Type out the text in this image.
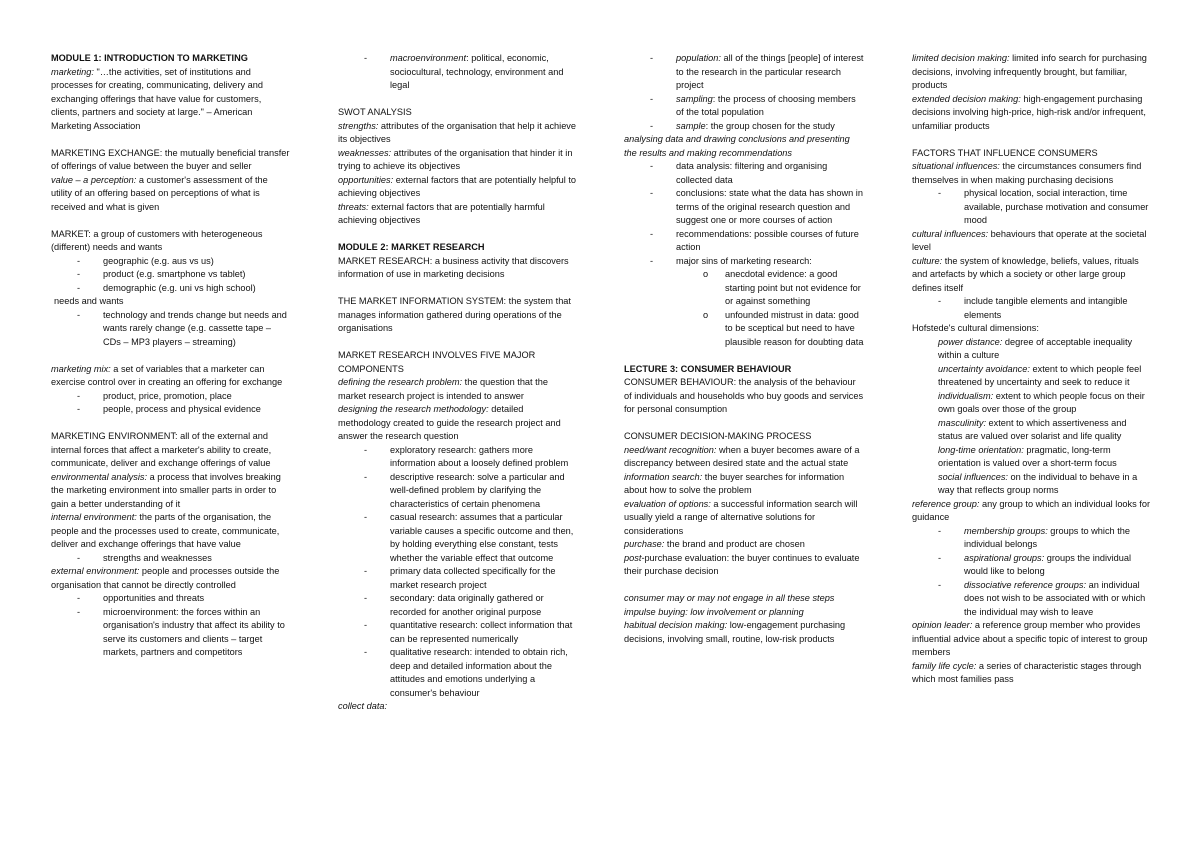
MODULE 1: INTRODUCTION TO MARKETING

marketing: "…the activities, set of institutions and processes for creating, communicating, delivery and exchanging offerings that have value for customers, clients, partners and society at large." – American Marketing Association

MARKETING EXCHANGE: the mutually beneficial transfer of offerings of value between the buyer and seller

value – a perception: a customer's assessment of the utility of an offering based on perceptions of what is received and what is given

MARKET: a group of customers with heterogeneous (different) needs and wants

- geographic (e.g. aus vs us)

- product (e.g. smartphone vs tablet)

- demographic (e.g. uni vs high school)

needs and wants

- technology and trends change but needs and wants rarely change (e.g. cassette tape – CDs – MP3 players – streaming)

marketing mix: a set of variables that a marketer can exercise control over in creating an offering for exchange

- product, price, promotion, place

- people, process and physical evidence

MARKETING ENVIRONMENT: all of the external and internal forces that affect a marketer's ability to create, communicate, deliver and exchange offerings of value

environmental analysis: a process that involves breaking the marketing environment into smaller parts in order to gain a better understanding of it

internal environment: the parts of the organisation, the people and the processes used to create, communicate, deliver and exchange offerings that have value

- strengths and weaknesses

external environment: people and processes outside the organisation that cannot be directly controlled

- opportunities and threats

- microenvironment: the forces within an organisation's industry that affect its ability to serve its customers and clients – target markets, partners and competitors

- macroenvironment: political, economic, sociocultural, technology, environment and legal

SWOT ANALYSIS

strengths: attributes of the organisation that help it achieve its objectives

weaknesses: attributes of the organisation that hinder it in trying to achieve its objectives

opportunities: external factors that are potentially helpful to achieving objectives

threats: external factors that are potentially harmful achieving objectives

MODULE 2: MARKET RESEARCH

MARKET RESEARCH: a business activity that discovers information of use in marketing decisions

THE MARKET INFORMATION SYSTEM: the system that manages information gathered during operations of the organisations

MARKET RESEARCH INVOLVES FIVE MAJOR COMPONENTS

defining the research problem: the question that the market research project is intended to answer

designing the research methodology: detailed methodology created to guide the research project and answer the research question

- exploratory research: gathers more information about a loosely defined problem

- descriptive research: solve a particular and well-defined problem by clarifying the characteristics of certain phenomena

- casual research: assumes that a particular variable causes a specific outcome and then, by holding everything else constant, tests whether the variable effect that outcome

- primary data collected specifically for the market research project

- secondary: data originally gathered or recorded for another original purpose

- quantitative research: collect information that can be represented numerically

- qualitative research: intended to obtain rich, deep and detailed information about the attitudes and emotions underlying a consumer's behaviour

collect data:

- population: all of the things [people] of interest to the research in the particular research project

- sampling: the process of choosing members of the total population

- sample: the group chosen for the study

analysing data and drawing conclusions and presenting the results and making recommendations

- data analysis: filtering and organising collected data

- conclusions: state what the data has shown in terms of the original research question and suggest one or more courses of action

- recommendations: possible courses of future action

- major sins of marketing research:

o anecdotal evidence: a good starting point but not evidence for or against something

o unfounded mistrust in data: good to be sceptical but need to have plausible reason for doubting data

LECTURE 3: CONSUMER BEHAVIOUR

CONSUMER BEHAVIOUR: the analysis of the behaviour of individuals and households who buy goods and services for personal consumption

CONSUMER DECISION-MAKING PROCESS

need/want recognition: when a buyer becomes aware of a discrepancy between desired state and the actual state

information search: the buyer searches for information about how to solve the problem

evaluation of options: a successful information search will usually yield a range of alternative solutions for considerations

purchase: the brand and product are chosen

post-purchase evaluation: the buyer continues to evaluate their purchase decision

consumer may or may not engage in all these steps

impulse buying: low involvement or planning

habitual decision making: low-engagement purchasing decisions, involving small, routine, low-risk products

limited decision making: limited info search for purchasing decisions, involving infrequently brought, but familiar, products

extended decision making: high-engagement purchasing decisions involving high-price, high-risk and/or infrequent, unfamiliar products

FACTORS THAT INFLUENCE CONSUMERS

situational influences: the circumstances consumers find themselves in when making purchasing decisions

- physical location, social interaction, time available, purchase motivation and consumer mood

cultural influences: behaviours that operate at the societal level

culture: the system of knowledge, beliefs, values, rituals and artefacts by which a society or other large group defines itself

- include tangible elements and intangible elements

Hofstede's cultural dimensions:

power distance: degree of acceptable inequality within a culture

uncertainty avoidance: extent to which people feel threatened by uncertainty and seek to reduce it

individualism: extent to which people focus on their own goals over those of the group

masculinity: extent to which assertiveness and status are valued over solarist and life quality

long-time orientation: pragmatic, long-term orientation is valued over a short-term focus

social influences: on the individual to behave in a way that reflects group norms

reference group: any group to which an individual looks for guidance

- membership groups: groups to which the individual belongs

- aspirational groups: groups the individual would like to belong

- dissociative reference groups: an individual does not wish to be associated with or which the individual may wish to leave

opinion leader: a reference group member who provides influential advice about a specific topic of interest to group members

family life cycle: a series of characteristic stages through which most families pass
